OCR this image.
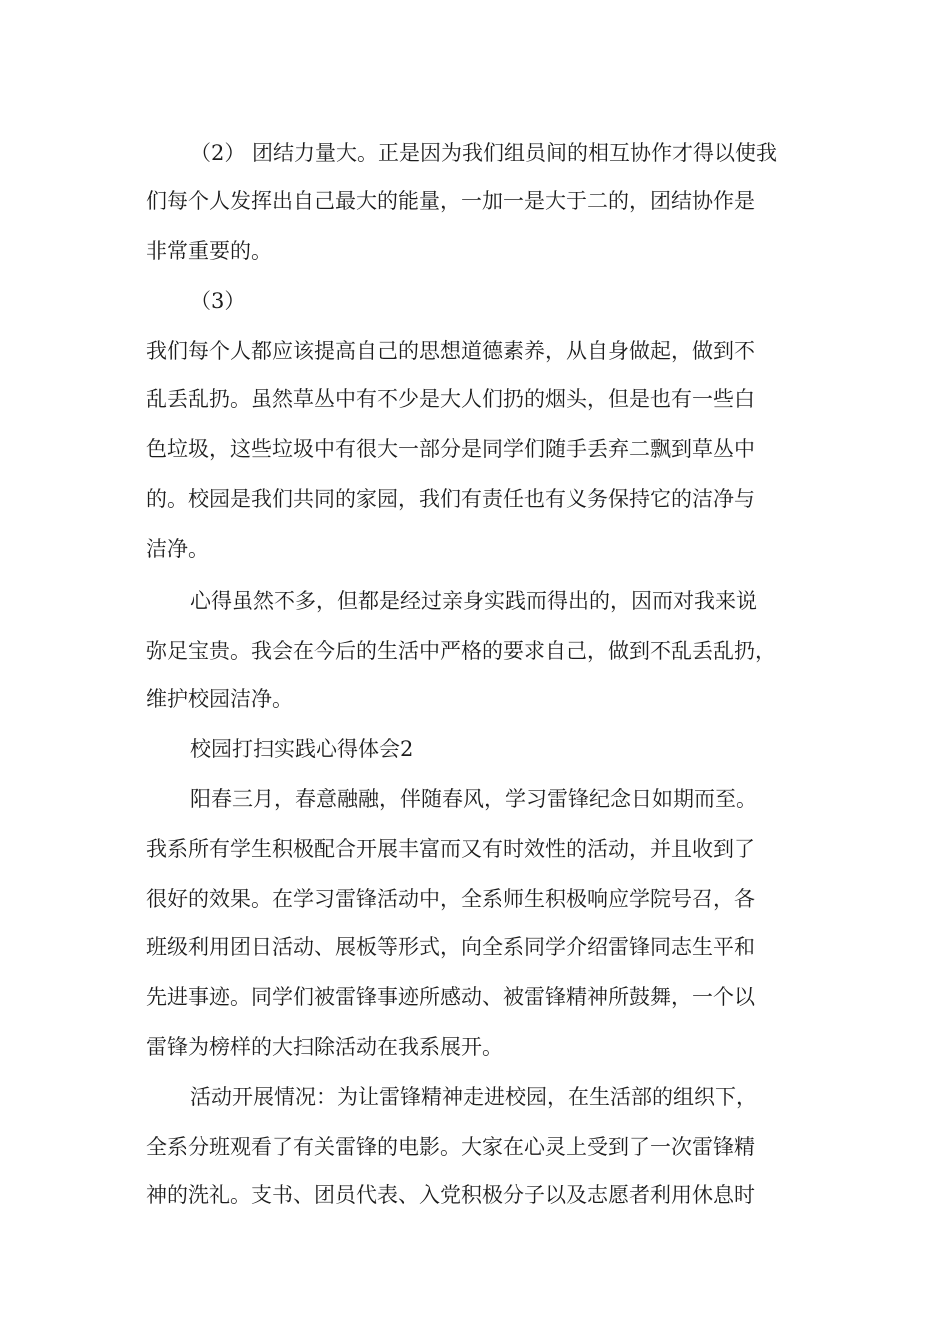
（2） 团结力量大。正是因为我们组员间的相互协作才得以使我

们每个人发挥出自己最大的能量，一加一是大于二的，团结协作是

非常重要的。

（3）

我们每个人都应该提高自己的思想道德素养，从自身做起，做到不

乱丢乱扔。虽然草丛中有不少是大人们扔的烟头，但是也有一些白

色垃圾，这些垃圾中有很大一部分是同学们随手丢弃二飘到草丛中

的。校园是我们共同的家园，我们有责任也有义务保持它的洁净与

洁净。

心得虽然不多，但都是经过亲身实践而得出的，因而对我来说

弥足宝贵。我会在今后的生活中严格的要求自己，做到不乱丢乱扔，

维护校园洁净。

校园打扫实践心得体会2

阳春三月，春意融融，伴随春风，学习雷锋纪念日如期而至。

我系所有学生积极配合开展丰富而又有时效性的活动，并且收到了

很好的效果。在学习雷锋活动中，全系师生积极响应学院号召，各

班级利用团日活动、展板等形式，向全系同学介绍雷锋同志生平和

先进事迹。同学们被雷锋事迹所感动、被雷锋精神所鼓舞，一个以

雷锋为榜样的大扫除活动在我系展开。

活动开展情况：为让雷锋精神走进校园，在生活部的组织下，

全系分班观看了有关雷锋的电影。大家在心灵上受到了一次雷锋精

神的洗礼。支书、团员代表、入党积极分子以及志愿者利用休息时
